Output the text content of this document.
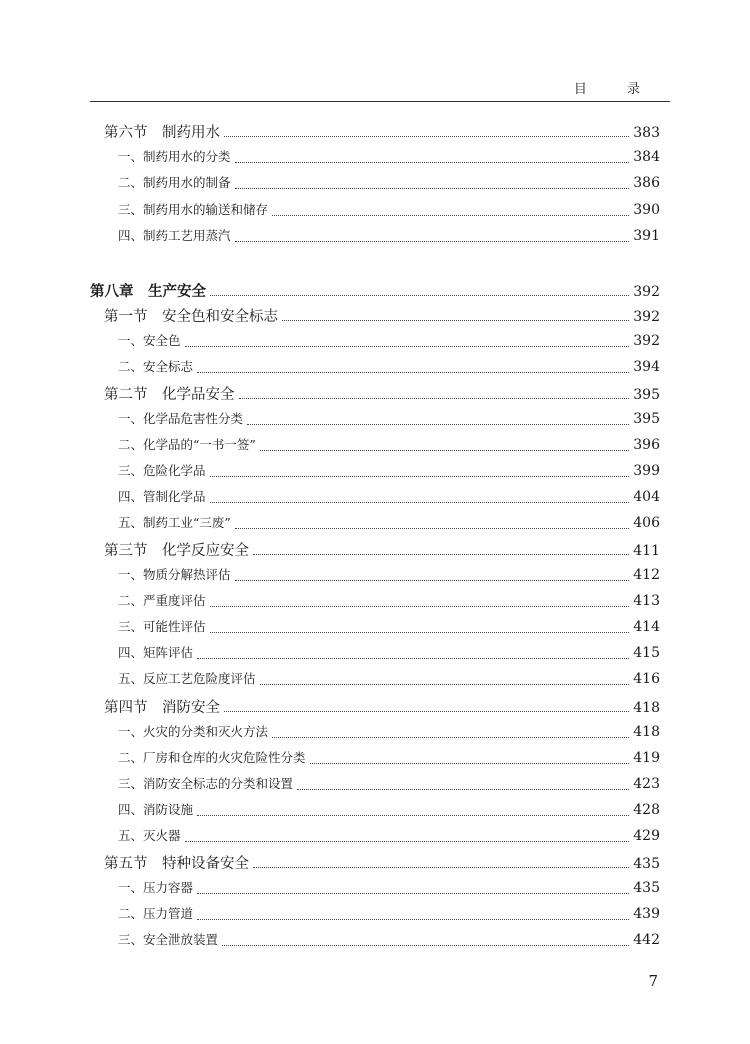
目 录
第六节　制药用水	383
一、制药用水的分类	384
二、制药用水的制备	386
三、制药用水的输送和储存	390
四、制药工艺用蒸汽	391
第八章　生产安全	392
第一节　安全色和安全标志	392
一、安全色	392
二、安全标志	394
第二节　化学品安全	395
一、化学品危害性分类	395
二、化学品的“一书一签”	396
三、危险化学品	399
四、管制化学品	404
五、制药工业“三废”	406
第三节　化学反应安全	411
一、物质分解热评估	412
二、严重度评估	413
三、可能性评估	414
四、矩阵评估	415
五、反应工艺危险度评估	416
第四节　消防安全	418
一、火灾的分类和灭火方法	418
二、厂房和仓库的火灾危险性分类	419
三、消防安全标志的分类和设置	423
四、消防设施	428
五、灭火器	429
第五节　特种设备安全	435
一、压力容器	435
二、压力管道	439
三、安全泄放装置	442
7
